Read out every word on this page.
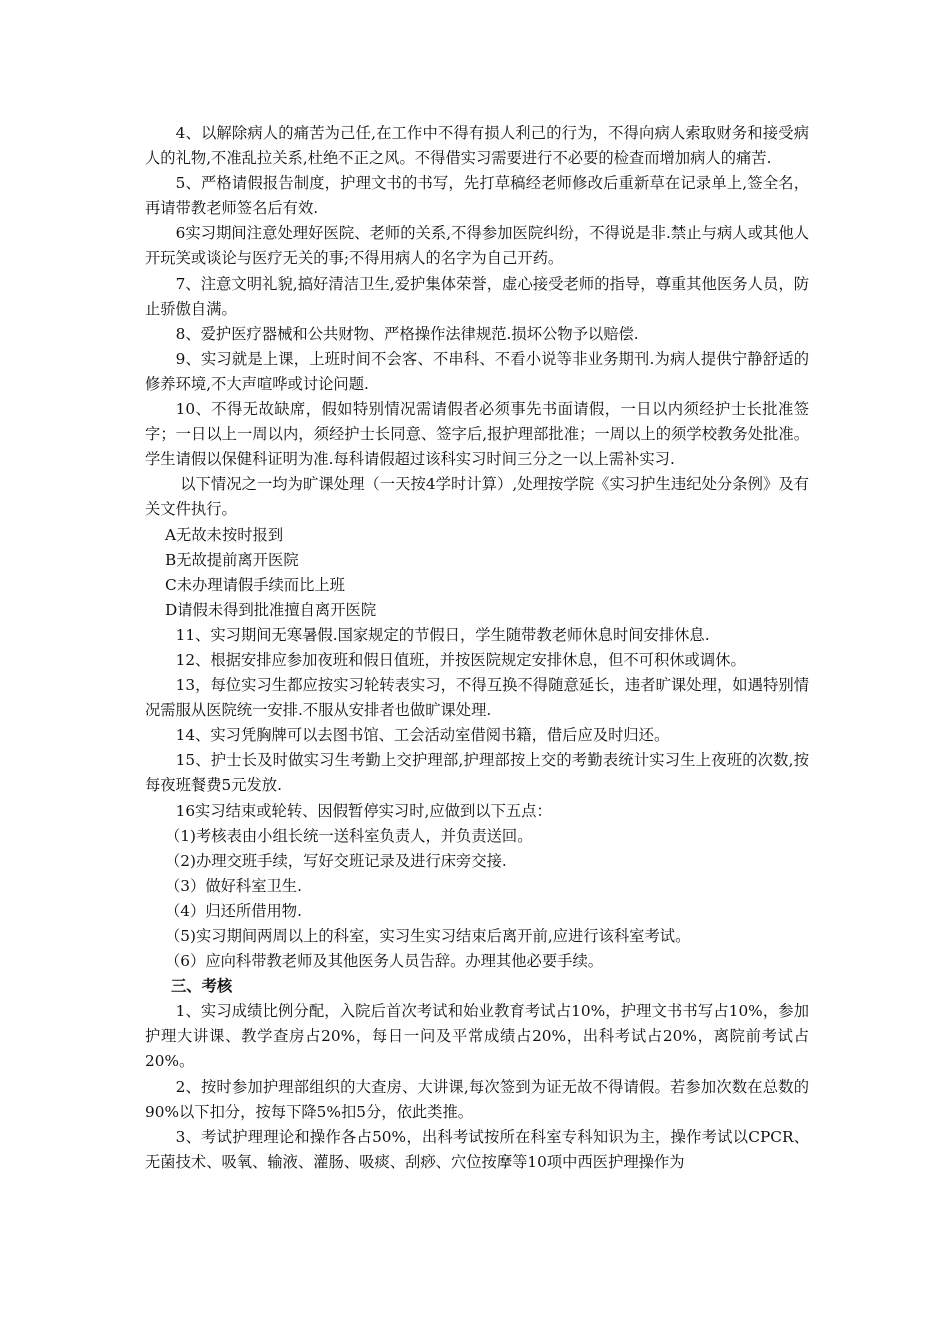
4、以解除病人的痛苦为己任,在工作中不得有损人利己的行为，不得向病人索取财务和接受病人的礼物,不准乱拉关系,杜绝不正之风。不得借实习需要进行不必要的检查而增加病人的痛苦.

5、严格请假报告制度，护理文书的书写，先打草稿经老师修改后重新草在记录单上,签全名，再请带教老师签名后有效.

6实习期间注意处理好医院、老师的关系,不得参加医院纠纷，不得说是非.禁止与病人或其他人开玩笑或谈论与医疗无关的事;不得用病人的名字为自己开药。

7、注意文明礼貌,搞好清洁卫生,爱护集体荣誉，虚心接受老师的指导，尊重其他医务人员，防止骄傲自满。

8、爱护医疗器械和公共财物、严格操作法律规范.损坏公物予以赔偿.

9、实习就是上课，上班时间不会客、不串科、不看小说等非业务期刊.为病人提供宁静舒适的修养环境,不大声喧哗或讨论问题.

10、不得无故缺席，假如特别情况需请假者必须事先书面请假，一日以内须经护士长批准签字；一日以上一周以内，须经护士长同意、签字后,报护理部批准；一周以上的须学校教务处批准。学生请假以保健科证明为准.每科请假超过该科实习时间三分之一以上需补实习.

以下情况之一均为旷课处理（一天按4学时计算）,处理按学院《实习护生违纪处分条例》及有关文件执行。

A无故未按时报到

B无故提前离开医院

C未办理请假手续而比上班

D请假未得到批准擅自离开医院

11、实习期间无寒暑假.国家规定的节假日，学生随带教老师休息时间安排休息.

12、根据安排应参加夜班和假日值班，并按医院规定安排休息，但不可积休或调休。

13，每位实习生都应按实习轮转表实习，不得互换不得随意延长，违者旷课处理，如遇特别情况需服从医院统一安排.不服从安排者也做旷课处理.

14、实习凭胸牌可以去图书馆、工会活动室借阅书籍，借后应及时归还。

15、护士长及时做实习生考勤上交护理部,护理部按上交的考勤表统计实习生上夜班的次数,按每夜班餐费5元发放.

16实习结束或轮转、因假暂停实习时,应做到以下五点：

（1)考核表由小组长统一送科室负责人，并负责送回。

（2)办理交班手续，写好交班记录及进行床旁交接.

（3）做好科室卫生.

（4）归还所借用物.

（5)实习期间两周以上的科室，实习生实习结束后离开前,应进行该科室考试。

（6）应向科带教老师及其他医务人员告辞。办理其他必要手续。

三、考核

1、实习成绩比例分配，入院后首次考试和始业教育考试占10%，护理文书书写占10%，参加护理大讲课、教学查房占20%，每日一问及平常成绩占20%，出科考试占20%，离院前考试占20%。

2、按时参加护理部组织的大查房、大讲课,每次签到为证无故不得请假。若参加次数在总数的90%以下扣分，按每下降5%扣5分，依此类推。

3、考试护理理论和操作各占50%，出科考试按所在科室专科知识为主，操作考试以CPCR、无菌技术、吸氧、输液、灌肠、吸痰、刮痧、穴位按摩等10项中西医护理操作为
